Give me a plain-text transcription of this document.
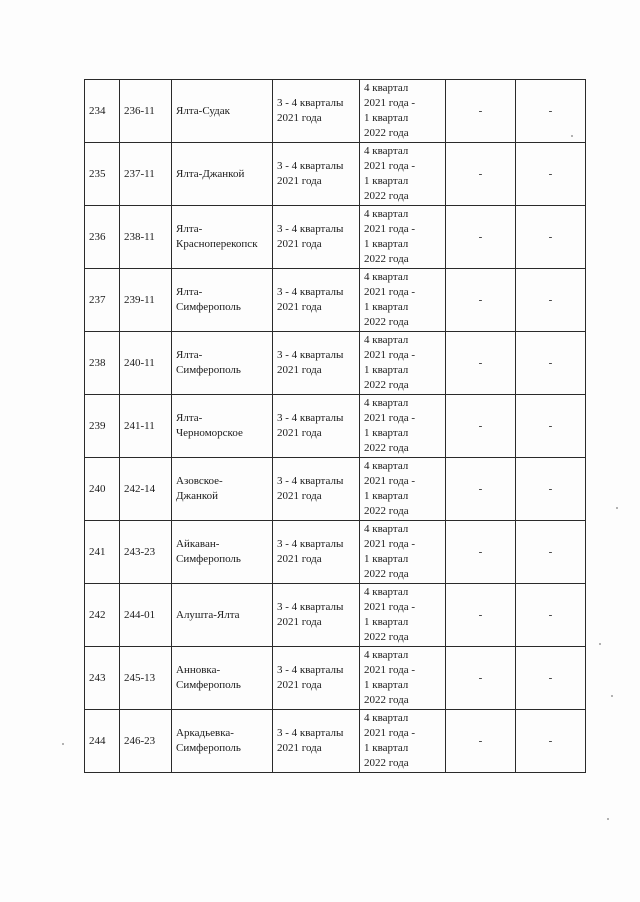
234	236-11	Ялта-Судак	3 - 4 кварталы 2021 года	4 квартал
2021 года -
1 квартал
2022 года	-	-
235	237-11	Ялта-Джанкой	3 - 4 кварталы 2021 года	4 квартал
2021 года -
1 квартал
2022 года	-	-
236	238-11	Ялта-
Красноперекопск	3 - 4 кварталы 2021 года	4 квартал
2021 года -
1 квартал
2022 года	-	-
237	239-11	Ялта-
Симферополь	3 - 4 кварталы 2021 года	4 квартал
2021 года -
1 квартал
2022 года	-	-
238	240-11	Ялта-
Симферополь	3 - 4 кварталы 2021 года	4 квартал
2021 года -
1 квартал
2022 года	-	-
239	241-11	Ялта-
Черноморское	3 - 4 кварталы 2021 года	4 квартал
2021 года -
1 квартал
2022 года	-	-
240	242-14	Азовское-
Джанкой	3 - 4 кварталы 2021 года	4 квартал
2021 года -
1 квартал
2022 года	-	-
241	243-23	Айкаван-
Симферополь	3 - 4 кварталы 2021 года	4 квартал
2021 года -
1 квартал
2022 года	-	-
242	244-01	Алушта-Ялта	3 - 4 кварталы 2021 года	4 квартал
2021 года -
1 квартал
2022 года	-	-
243	245-13	Анновка-
Симферополь	3 - 4 кварталы 2021 года	4 квартал
2021 года -
1 квартал
2022 года	-	-
244	246-23	Аркадьевка-
Симферополь	3 - 4 кварталы 2021 года	4 квартал
2021 года -
1 квартал
2022 года	-	-
